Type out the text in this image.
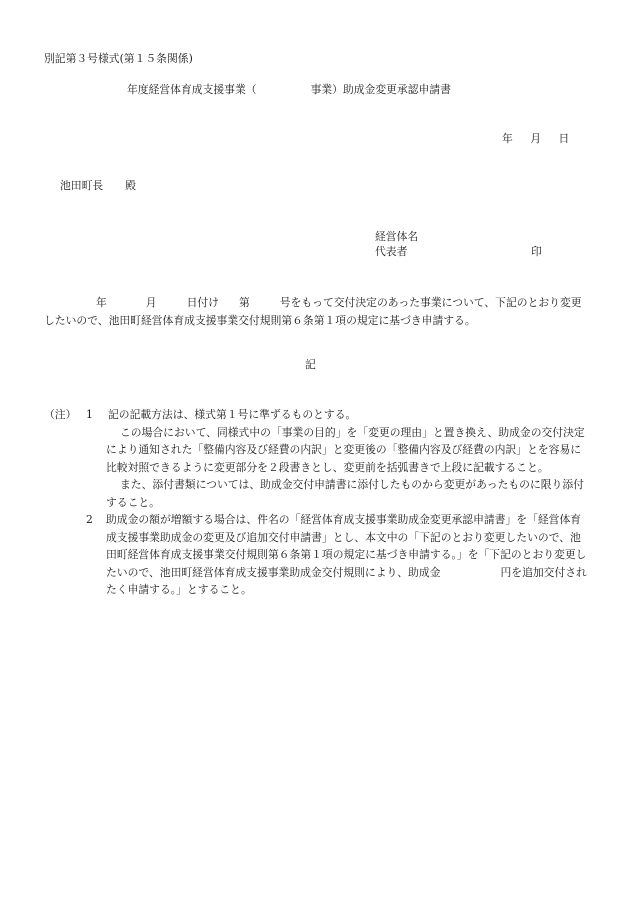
別記第３号様式(第１５条関係)
年度経営体育成支援事業（	事業）助成金変更承認申請書
年 月 日
池田町長 殿
経営体名
代表者	印
年	月	日付け 第	号をもって交付決定のあった事業について、下記のとおり変更したいので、池田町経営体育成支援事業交付規則第６条第１項の規定に基づき申請する。
記
（注） 1	記の記載方法は、様式第１号に準ずるものとする。

この場合において、同様式中の「事業の目的」を「変更の理由」と置き換え、助成金の交付決定により通知された「整備内容及び経費の内訳」と変更後の「整備内容及び経費の内訳」とを容易に比較対照できるように変更部分を２段書きとし、変更前を括弧書きで上段に記載すること。

また、添付書類については、助成金交付申請書に添付したものから変更があったものに限り添付すること。

2	助成金の額が増額する場合は、件名の「経営体育成支援事業助成金変更承認申請書」を「経営体育成支援事業助成金の変更及び追加交付申請書」とし、本文中の「下記のとおり変更したいので、池田町経営体育成支援事業交付規則第６条第１項の規定に基づき申請する。」を「下記のとおり変更したいので、池田町経営体育成支援事業助成金交付規則により、助成金	円を追加交付されたく申請する。」とすること。
